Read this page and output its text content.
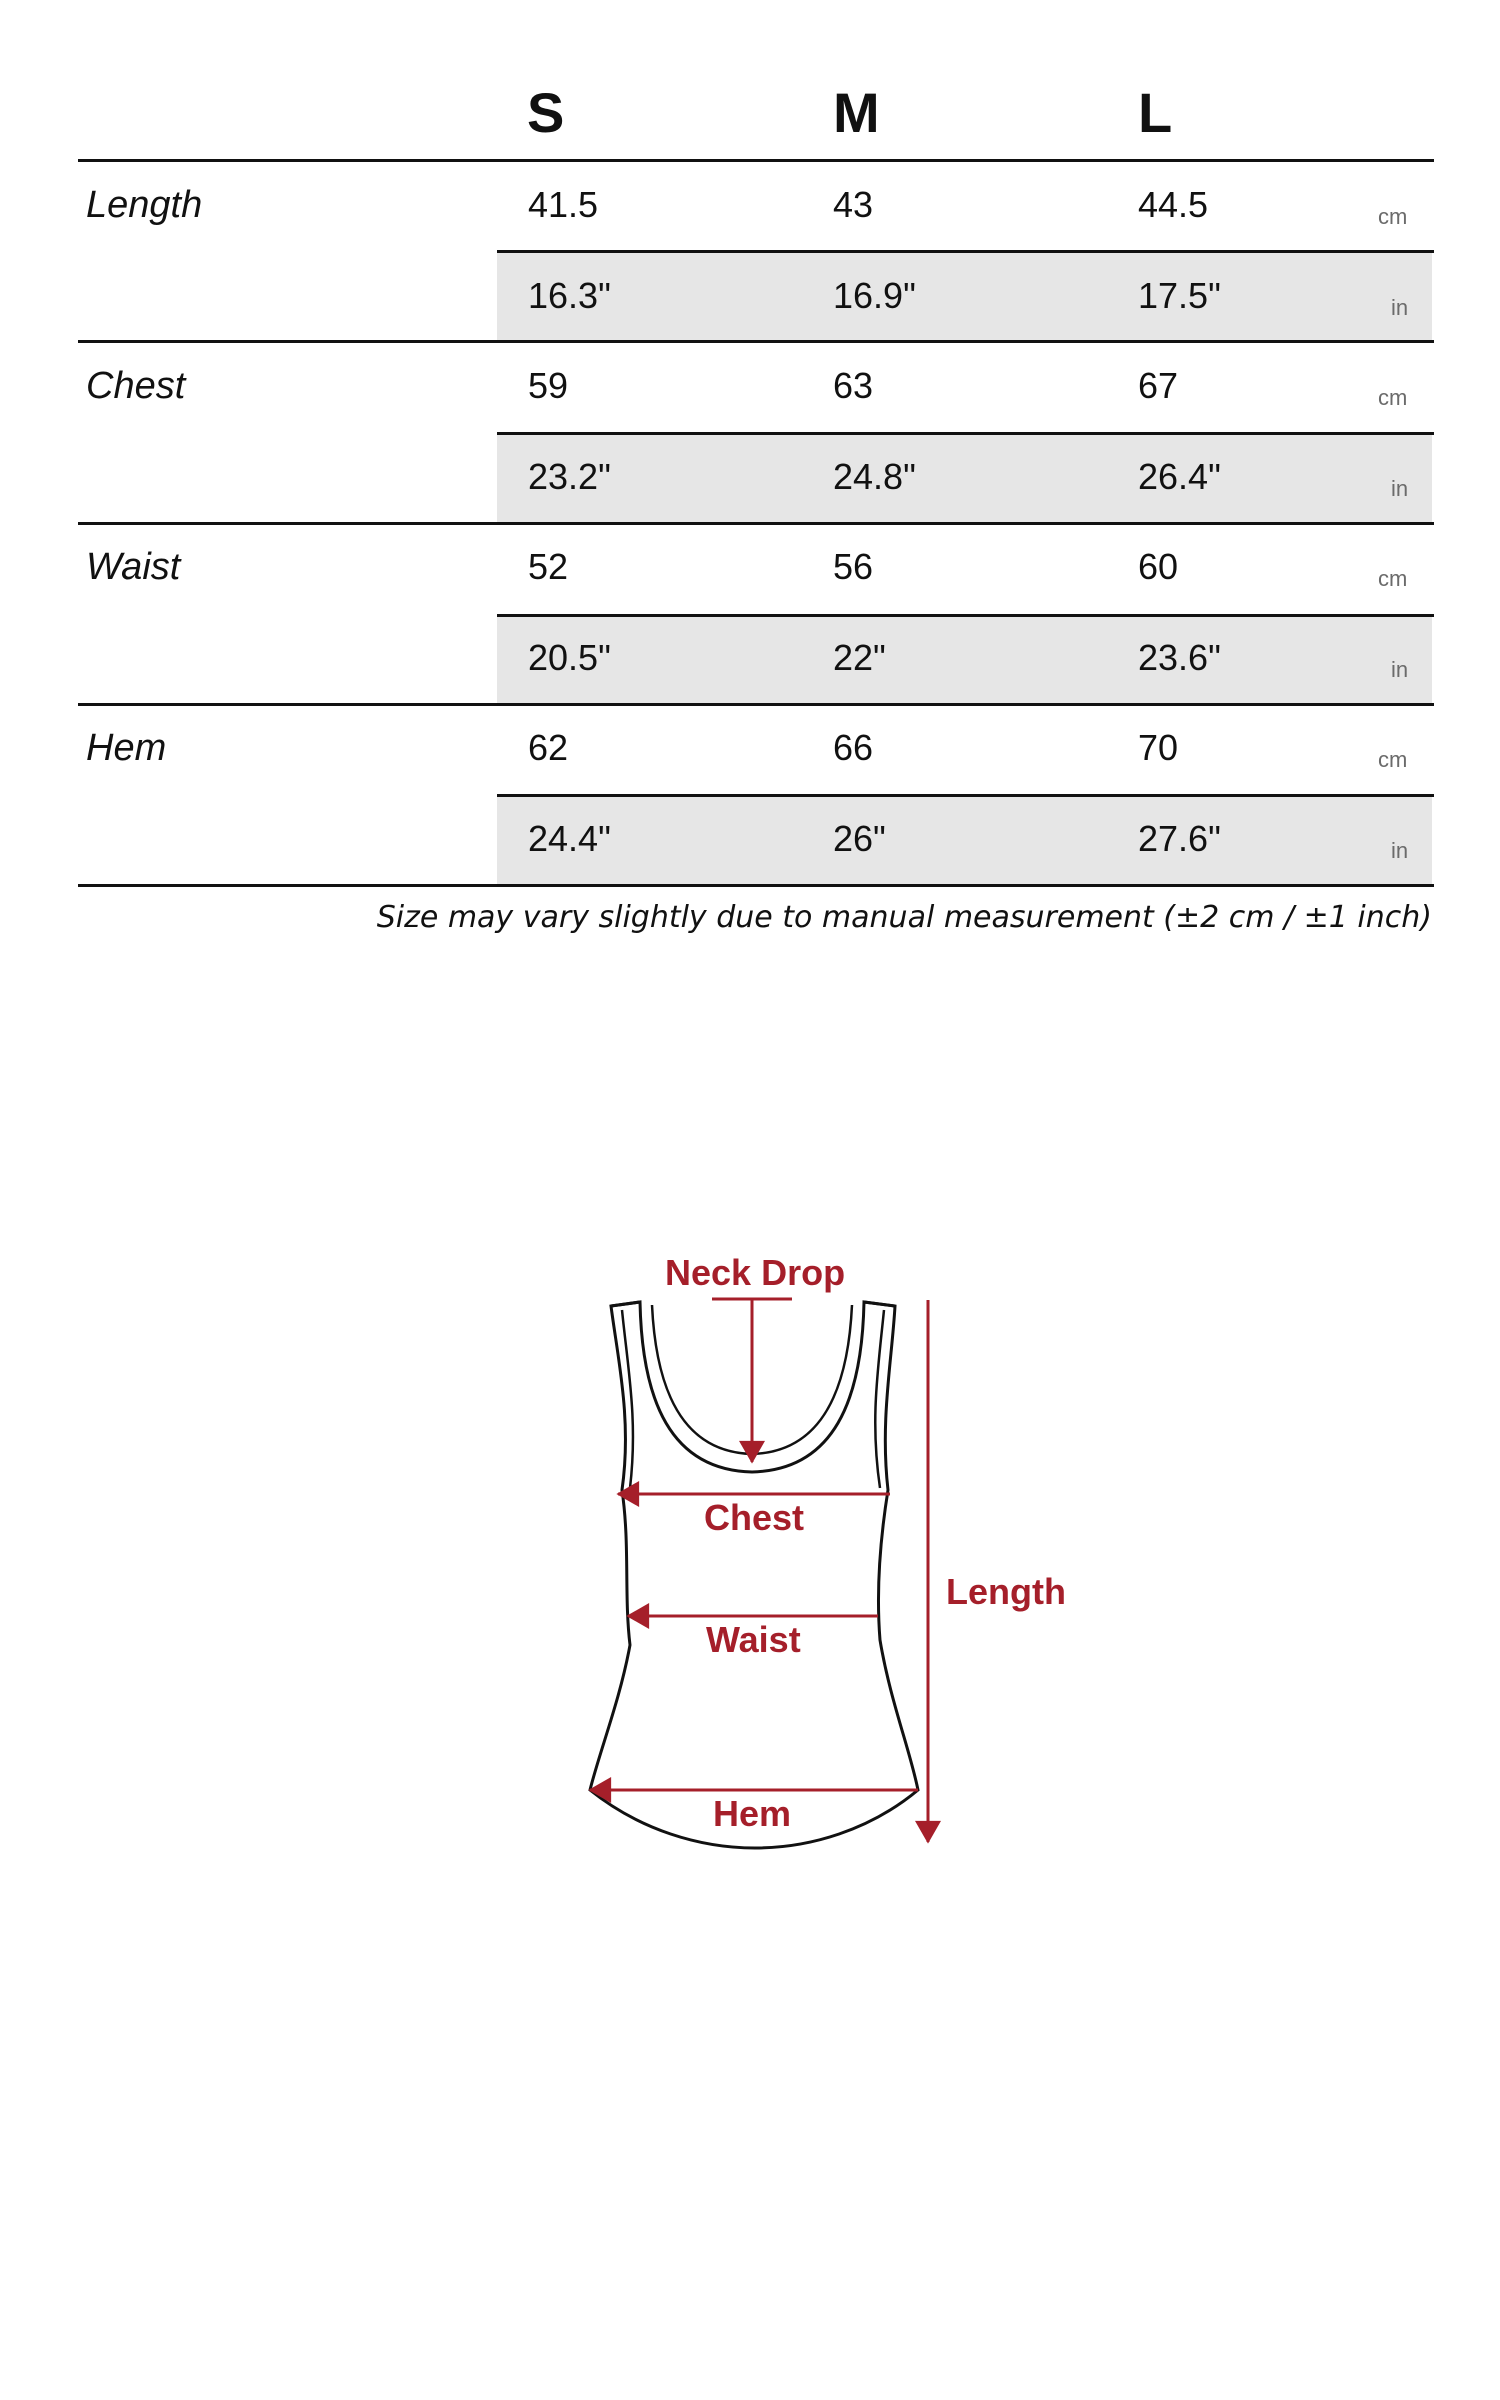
S	M	L
Length	41.5	43	44.5	cm
16.3"	16.9"	17.5"	in
Chest	59	63	67	cm
23.2"	24.8"	26.4"	in
Waist	52	56	60	cm
20.5"	22"	23.6"	in
Hem	62	66	70	cm
24.4"	26"	27.6"	in
Size may vary slightly due to manual measurement (±2 cm / ±1 inch)
Neck Drop
Chest
Waist
Hem
Length
